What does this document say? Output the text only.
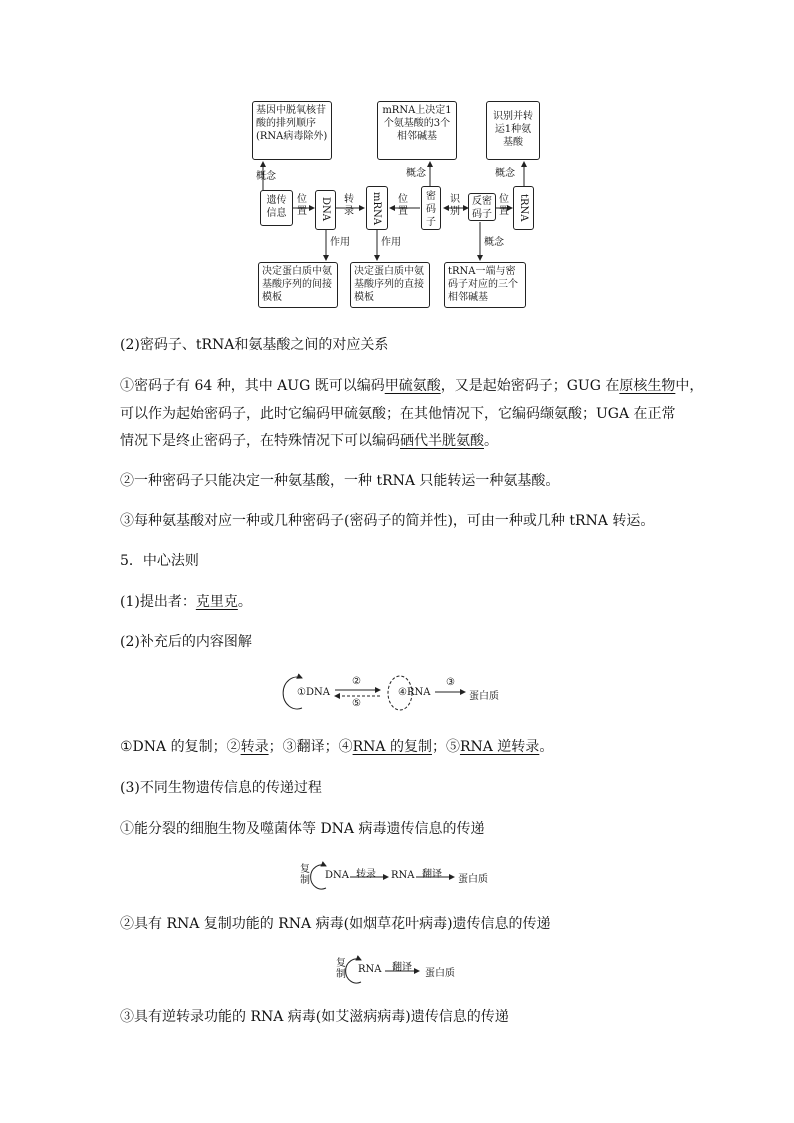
基因中脱氧核苷酸的排列顺序(RNA病毒除外)
mRNA上决定1个氨基酸的3个相邻碱基
识别并转运1种氨基酸
概念	概念	概念
遗传信息	DNA	mRNA	密码子
反密码子	tRNA
位置
转录
位置
识别
位置
作用	作用	概念
决定蛋白质中氨基酸序列的间接模板
决定蛋白质中氨基酸序列的直接模板
tRNA一端与密码子对应的三个相邻碱基
(2)密码子、tRNA和氨基酸之间的对应关系
①密码子有 64 种，其中 AUG 既可以编码甲硫氨酸，又是起始密码子；GUG 在原核生物中，
可以作为起始密码子，此时它编码甲硫氨酸；在其他情况下，它编码缬氨酸；UGA 在正常
情况下是终止密码子，在特殊情况下可以编码硒代半胱氨酸。
②一种密码子只能决定一种氨基酸，一种 tRNA 只能转运一种氨基酸。
③每种氨基酸对应一种或几种密码子(密码子的简并性)，可由一种或几种 tRNA 转运。
5．中心法则
(1)提出者：克里克。
(2)补充后的内容图解
①DNA	④RNA	蛋白质
②	③
⑤
①DNA 的复制；②转录；③翻译；④RNA 的复制；⑤RNA 逆转录。
(3)不同生物遗传信息的传递过程
①能分裂的细胞生物及噬菌体等 DNA 病毒遗传信息的传递
复制 DNA 转录 RNA 翻译 蛋白质
②具有 RNA 复制功能的 RNA 病毒(如烟草花叶病毒)遗传信息的传递
复制 RNA 翻译
蛋白质
③具有逆转录功能的 RNA 病毒(如艾滋病病毒)遗传信息的传递
